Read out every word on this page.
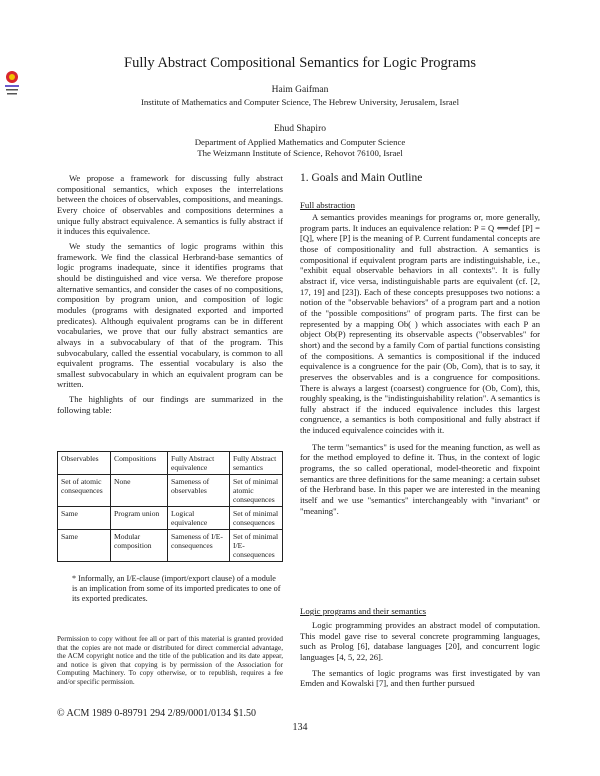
Fully Abstract Compositional Semantics for Logic Programs
Haim Gaifman
Institute of Mathematics and Computer Science, The Hebrew University, Jerusalem, Israel
Ehud Shapiro
Department of Applied Mathematics and Computer Science
The Weizmann Institute of Science, Rehovot 76100, Israel

We propose a framework for discussing fully abstract compositional semantics, which exposes the interrelations between the choices of observables, compositions, and meanings. Every choice of observables and compositions determines a unique fully abstract equivalence. A semantics is fully abstract if it induces this equivalence.

We study the semantics of logic programs within this framework. We find the classical Herbrand-base semantics of logic programs inadequate, since it identifies programs that should be distinguished and vice versa. We therefore propose alternative semantics, and consider the cases of no compositions, composition by program union, and composition of logic modules (programs with designated exported and imported predicates). Although equivalent programs can be in different vocabularies, we prove that our fully abstract semantics are always in a subvocabulary of that of the program. This subvocabulary, called the essential vocabulary, is common to all equivalent programs. The essential vocabulary is also the smallest subvocabulary in which an equivalent program can be written.

The highlights of our findings are summarized in the following table:

Observables	Compositions	Fully Abstract equivalence	Fully Abstract semantics
Set of atomic consequences	None	Sameness of observables	Set of minimal atomic consequences
Same	Program union	Logical equivalence	Set of minimal consequences
Same	Modular composition	Sameness of I/E-consequences	Set of minimal I/E-consequences
* Informally, an I/E-clause (import/export clause) of a module is an implication from some of its imported predicates to one of its exported predicates.
Permission to copy without fee all or part of this material is granted provided that the copies are not made or distributed for direct commercial advantage, the ACM copyright notice and the title of the publication and its date appear, and notice is given that copying is by permission of the Association for Computing Machinery. To copy otherwise, or to republish, requires a fee and/or specific permission.
© ACM 1989 0-89791 294 2/89/0001/0134 $1.50
1. Goals and Main Outline
Full abstraction

A semantics provides meanings for programs or, more generally, program parts. It induces an equivalence relation: P ≡ Q ⟺def [P] = [Q], where [P] is the meaning of P. Current fundamental concepts are those of compositionality and full abstraction. A semantics is compositional if equivalent program parts are indistinguishable, i.e., "exhibit equal observable behaviors in all contexts". It is fully abstract if, vice versa, indistinguishable parts are equivalent (cf. [2, 17, 19] and [23]). Each of these concepts presupposes two notions: a notion of the "observable behaviors" of a program part and a notion of the "possible compositions" of program parts. The first can be represented by a mapping Ob( ) which associates with each P an object Ob(P) representing its observable aspects ("observables" for short) and the second by a family Com of partial functions consisting of the compositions. A semantics is compositional if the induced equivalence is a congruence for the pair (Ob, Com), that is to say, it preserves the observables and is a congruence for compositions. There is always a largest (coarsest) congruence for (Ob, Com), this, roughly speaking, is the "indistinguishability relation". A semantics is fully abstract if the induced equivalence includes this largest congruence, a semantics is both compositional and fully abstract if the induced equivalence coincides with it.

The term "semantics" is used for the meaning function, as well as for the method employed to define it. Thus, in the context of logic programs, the so called operational, model-theoretic and fixpoint semantics are three definitions for the same meaning: a certain subset of the Herbrand base. In this paper we are interested in the meaning itself and we use "semantics" interchangeably with "invariant" or "meaning".

Logic programs and their semantics

Logic programming provides an abstract model of computation. This model gave rise to several concrete programming languages, such as Prolog [6], database languages [20], and concurrent logic languages [4, 5, 22, 26].

The semantics of logic programs was first investigated by van Emden and Kowalski [7], and then further pursued

134
